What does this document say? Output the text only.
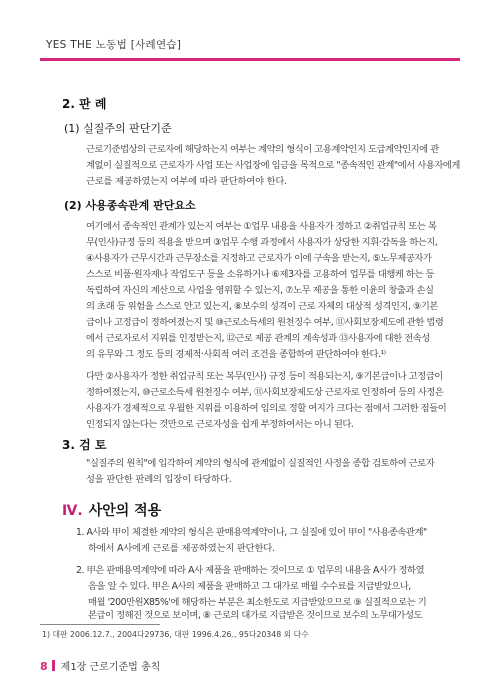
YES THE 노동법 [사례연습]
2. 판 례
(1) 실질주의 판단기준
근로기준법상의 근로자에 해당하는지 여부는 계약의 형식이 고용계약인지 도급계약인지에 관
계없이 실질적으로 근로자가 사업 또는 사업장에 임금을 목적으로 "종속적인 관계"에서 사용자에게
근로를 제공하였는지 여부에 따라 판단하여야 한다.
(2) 사용종속관계 판단요소
여기에서 종속적인 관계가 있는지 여부는 ①업무 내용을 사용자가 정하고 ②취업규칙 또는 복
무(인사)규정 등의 적용을 받으며 ③업무 수행 과정에서 사용자가 상당한 지휘·감독을 하는지,
④사용자가 근무시간과 근무장소를 지정하고 근로자가 이에 구속을 받는지, ⑤노무제공자가
스스로 비품·원자재나 작업도구 등을 소유하거나 ⑥제3자를 고용하여 업무를 대행케 하는 등
독립하여 자신의 계산으로 사업을 영위할 수 있는지, ⑦노무 제공을 통한 이윤의 창출과 손실
의 초래 등 위험을 스스로 안고 있는지, ⑧보수의 성격이 근로 자체의 대상적 성격인지, ⑨기본
급이나 고정급이 정하여졌는지 및 ⑩근로소득세의 원천징수 여부, ⑪사회보장제도에 관한 법령
에서 근로자로서 지위를 인정받는지, ⑫근로 제공 관계의 계속성과 ⑬사용자에 대한 전속성
의 유무와 그 정도 등의 경제적·사회적 여러 조건을 종합하여 판단하여야 한다.¹⁾
다만 ②사용자가 정한 취업규칙 또는 복무(인사) 규정 등이 적용되는지, ⑨기본급이나 고정급이
정하여졌는지, ⑩근로소득세 원천징수 여부, ⑪사회보장제도상 근로자로 인정하여 등의 사정은
사용자가 경제적으로 우월한 지위를 이용하여 임의로 정할 여지가 크다는 점에서 그러한 점들이
인정되지 않는다는 것만으로 근로자성을 쉽게 부정하여서는 아니 된다.
3. 검 토
"실질주의 원칙"에 입각하여 계약의 형식에 관계없이 실질적인 사정을 종합 검토하여 근로자
성을 판단한 판례의 입장이 타당하다.
Ⅳ. 사안의 적용
1. A사와 甲이 체결한 계약의 형식은 판매용역계약이나, 그 실질에 있어 甲이 "사용종속관계"
하에서 A사에게 근로를 제공하였는지 판단한다.
2. 甲은 판매용역계약에 따라 A사 제품을 판매하는 것이므로 ① 업무의 내용을 A사가 정하였
음을 알 수 있다. 甲은 A사의 제품을 판매하고 그 대가로 매월 수수료를 지급받았으나,
매월 '200만원X85%'에 해당하는 부분은 최소한도로 지급받았으므로 ⑨ 실질적으로는 기
본급이 정해진 것으로 보이며, ⑧ 근로의 대가로 지급받은 것이므로 보수의 노무대가성도
1) 대판 2006.12.7., 2004다29736, 대판 1996.4.26., 95다20348 외 다수
8 제1장 근로기준법 총칙
